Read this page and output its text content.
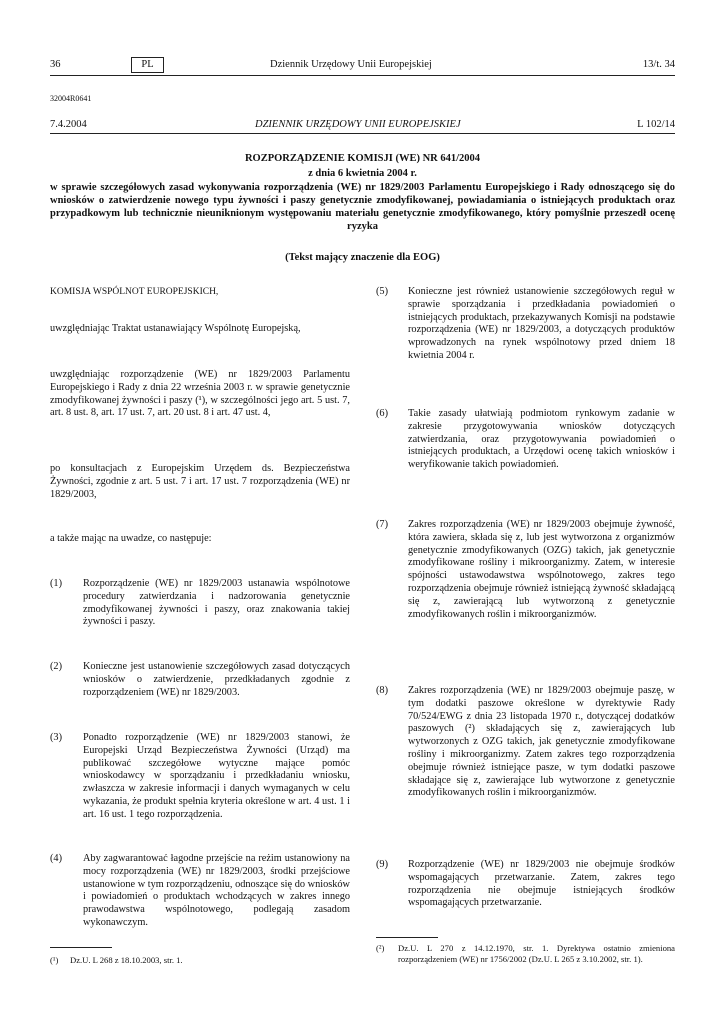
36	PL	Dziennik Urzędowy Unii Europejskiej	13/t. 34
32004R0641
7.4.2004	DZIENNIK URZĘDOWY UNII EUROPEJSKIEJ	L 102/14
ROZPORZĄDZENIE KOMISJI (WE) NR 641/2004
z dnia 6 kwietnia 2004 r.
w sprawie szczegółowych zasad wykonywania rozporządzenia (WE) nr 1829/2003 Parlamentu Europejskiego i Rady odnoszącego się do wniosków o zatwierdzenie nowego typu żywności i paszy genetycznie zmodyfikowanej, powiadamiania o istniejących produktach oraz przypadkowym lub technicznie nieuniknionym występowaniu materiału genetycznie zmodyfikowanego, który pomyślnie przeszedł ocenę ryzyka
(Tekst mający znaczenie dla EOG)
KOMISJA WSPÓLNOT EUROPEJSKICH,
uwzględniając Traktat ustanawiający Wspólnotę Europejską,
uwzględniając rozporządzenie (WE) nr 1829/2003 Parlamentu Europejskiego i Rady z dnia 22 września 2003 r. w sprawie genetycznie zmodyfikowanej żywności i paszy (¹), w szczególności jego art. 5 ust. 7, art. 8 ust. 8, art. 17 ust. 7, art. 20 ust. 8 i art. 47 ust. 4,
po konsultacjach z Europejskim Urzędem ds. Bezpieczeństwa Żywności, zgodnie z art. 5 ust. 7 i art. 17 ust. 7 rozporządzenia (WE) nr 1829/2003,
a także mając na uwadze, co następuje:
(1) Rozporządzenie (WE) nr 1829/2003 ustanawia wspólnotowe procedury zatwierdzania i nadzorowania genetycznie zmodyfikowanej żywności i paszy, oraz znakowania takiej żywności i paszy.
(2) Konieczne jest ustanowienie szczegółowych zasad dotyczących wniosków o zatwierdzenie, przedkładanych zgodnie z rozporządzeniem (WE) nr 1829/2003.
(3) Ponadto rozporządzenie (WE) nr 1829/2003 stanowi, że Europejski Urząd Bezpieczeństwa Żywności (Urząd) ma publikować szczegółowe wytyczne mające pomóc wnioskodawcy w sporządzaniu i przedkładaniu wniosku, zwłaszcza w zakresie informacji i danych wymaganych w celu wykazania, że produkt spełnia kryteria określone w art. 4 ust. 1 i art. 16 ust. 1 tego rozporządzenia.
(4) Aby zagwarantować łagodne przejście na reżim ustanowiony na mocy rozporządzenia (WE) nr 1829/2003, środki przejściowe ustanowione w tym rozporządzeniu, odnoszące się do wniosków i powiadomień o produktach wchodzących w zakres innego prawodawstwa wspólnotowego, podlegają zasadom wykonawczym.
(¹) Dz.U. L 268 z 18.10.2003, str. 1.
(5) Konieczne jest również ustanowienie szczegółowych reguł w sprawie sporządzania i przedkładania powiadomień o istniejących produktach, przekazywanych Komisji na podstawie rozporządzenia (WE) nr 1829/2003, a dotyczących produktów wprowadzonych na rynek wspólnotowy przed dniem 18 kwietnia 2004 r.
(6) Takie zasady ułatwiają podmiotom rynkowym zadanie w zakresie przygotowywania wniosków dotyczących zatwierdzania, oraz przygotowywania powiadomień o istniejących produktach, a Urzędowi ocenę takich wniosków i weryfikowanie takich powiadomień.
(7) Zakres rozporządzenia (WE) nr 1829/2003 obejmuje żywność, która zawiera, składa się z, lub jest wytworzona z organizmów genetycznie zmodyfikowanych (OZG) takich, jak genetycznie zmodyfikowane rośliny i mikroorganizmy. Zatem, w interesie spójności ustawodawstwa wspólnotowego, zakres tego rozporządzenia obejmuje również istniejącą żywność składającą się z, zawierającą lub wytworzoną z genetycznie zmodyfikowanych roślin i mikroorganizmów.
(8) Zakres rozporządzenia (WE) nr 1829/2003 obejmuje paszę, w tym dodatki paszowe określone w dyrektywie Rady 70/524/EWG z dnia 23 listopada 1970 r., dotyczącej dodatków paszowych (²) składających się z, zawierających lub wytworzonych z OZG takich, jak genetycznie zmodyfikowane rośliny i mikroorganizmy. Zatem zakres tego rozporządzenia obejmuje również istniejące pasze, w tym dodatki paszowe składające się z, zawierające lub wytworzone z genetycznie zmodyfikowanych roślin i mikroorganizmów.
(9) Rozporządzenie (WE) nr 1829/2003 nie obejmuje środków wspomagających przetwarzanie. Zatem, zakres tego rozporządzenia nie obejmuje istniejących środków wspomagających przetwarzanie.
(²) Dz.U. L 270 z 14.12.1970, str. 1. Dyrektywa ostatnio zmieniona rozporządzeniem (WE) nr 1756/2002 (Dz.U. L 265 z 3.10.2002, str. 1).
